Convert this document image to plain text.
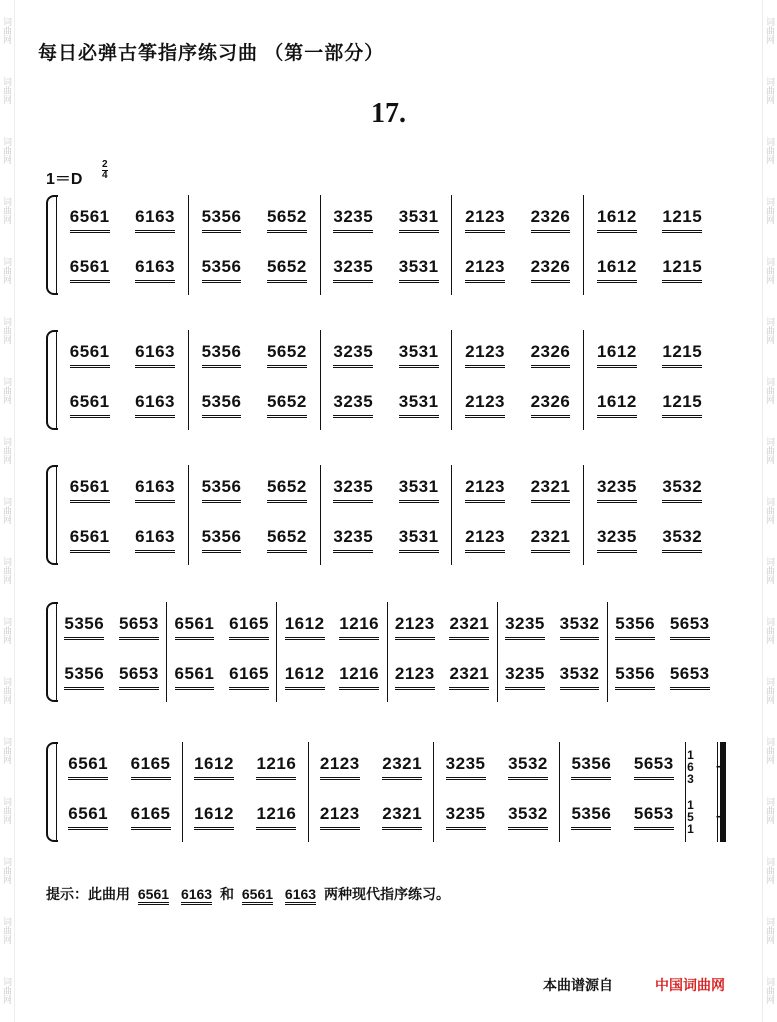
词曲网
词曲网
词曲网
词曲网
词曲网
词曲网
词曲网
词曲网
词曲网
词曲网
词曲网
词曲网
词曲网
词曲网
词曲网
词曲网
词曲网
词曲网
词曲网
词曲网
词曲网
词曲网
词曲网
词曲网
词曲网
词曲网
词曲网
词曲网
词曲网
词曲网
词曲网
词曲网
词曲网
词曲网
每日必弹古筝指序练习曲 （第一部分）
17.
1＝D
2
4
6561 6163
6561 6163
5356 5652
5356 5652
3235 3531
3235 3531
2123 2326
2123 2326
1612 1215
1612 1215
6561 6163
6561 6163
5356 5652
5356 5652
3235 3531
3235 3531
2123 2326
2123 2326
1612 1215
1612 1215
6561 6163
6561 6163
5356 5652
5356 5652
3235 3531
3235 3531
2123 2321
2123 2321
3235 3532
3235 3532
5356 5653
5356 5653
6561 6165
6561 6165
1612 1216
1612 1216
2123 2321
2123 2321
3235 3532
3235 3532
5356 5653
5356 5653
6561 6165
6561 6165
1612 1216
1612 1216
2123 2321
2123 2321
3235 3532
3235 3532
5356 5653
5356 5653
1
6
3
–
1
5
1
–
提示：此曲用 6561 6163 和 6561 6163 两种现代指序练习。
本曲谱源自	中国词曲网
